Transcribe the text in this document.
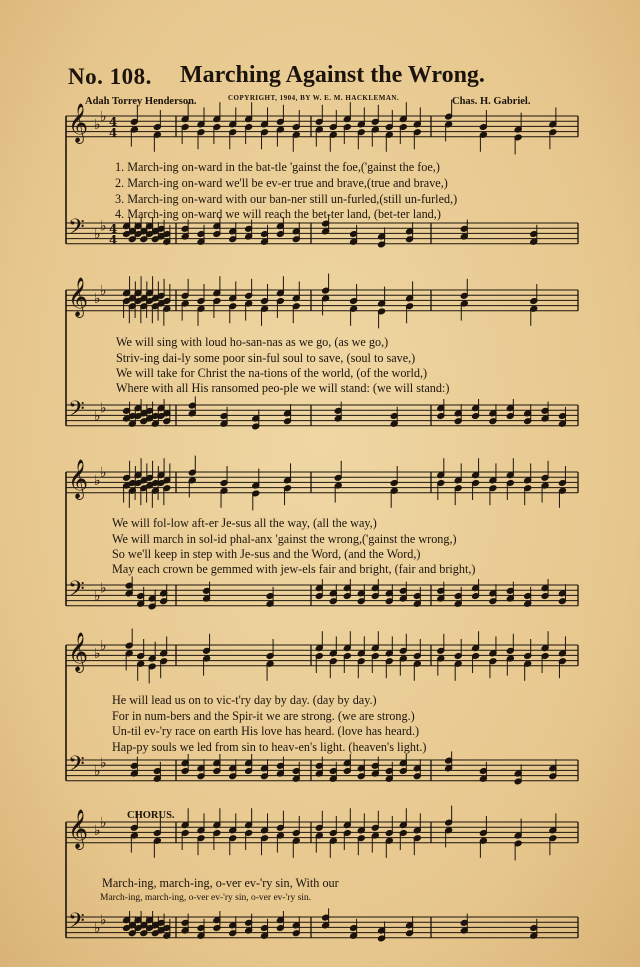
No. 108. Marching Against the Wrong.
Adah Torrey Henderson.	COPYRIGHT, 1904, BY W. E. M. HACKLEMAN.	Chas. H. Gabriel.
𝄞
𝄢
♭ ♭
♭ ♭
4
4
4
4
𝄞
𝄢
♭ ♭
♭ ♭
𝄞
𝄢
♭ ♭
♭ ♭
𝄞
𝄢
♭ ♭
♭ ♭
𝄞
𝄢
♭ ♭
♭ ♭
1. March-ing on-ward in the bat-tle 'gainst the foe,('gainst the foe,)
2. March-ing on-ward we'll be ev-er true and brave,(true and brave,)
3. March-ing on-ward with our ban-ner still un-furled,(still un-furled,)
4. March-ing on-ward we will reach the bet-ter land, (bet-ter land,)
We will sing with loud ho-san-nas as we go, (as we go,)
Striv-ing dai-ly some poor sin-ful soul to save, (soul to save,)
We will take for Christ the na-tions of the world, (of the world,)
Where with all His ransomed peo-ple we will stand: (we will stand:)
We will fol-low aft-er Je-sus all the way, (all the way,)
We will march in sol-id phal-anx 'gainst the wrong,('gainst the wrong,)
So we'll keep in step with Je-sus and the Word, (and the Word,)
May each crown be gemmed with jew-els fair and bright, (fair and bright,)
He will lead us on to vic-t'ry day by day. (day by day.)
For in num-bers and the Spir-it we are strong. (we are strong.)
Un-til ev-'ry race on earth His love has heard. (love has heard.)
Hap-py souls we led from sin to heav-en's light. (heaven's light.)
CHORUS.
March-ing, march-ing, o-ver ev-'ry sin, With our
March-ing, march-ing, o-ver ev-'ry sin, o-ver ev-'ry sin.
